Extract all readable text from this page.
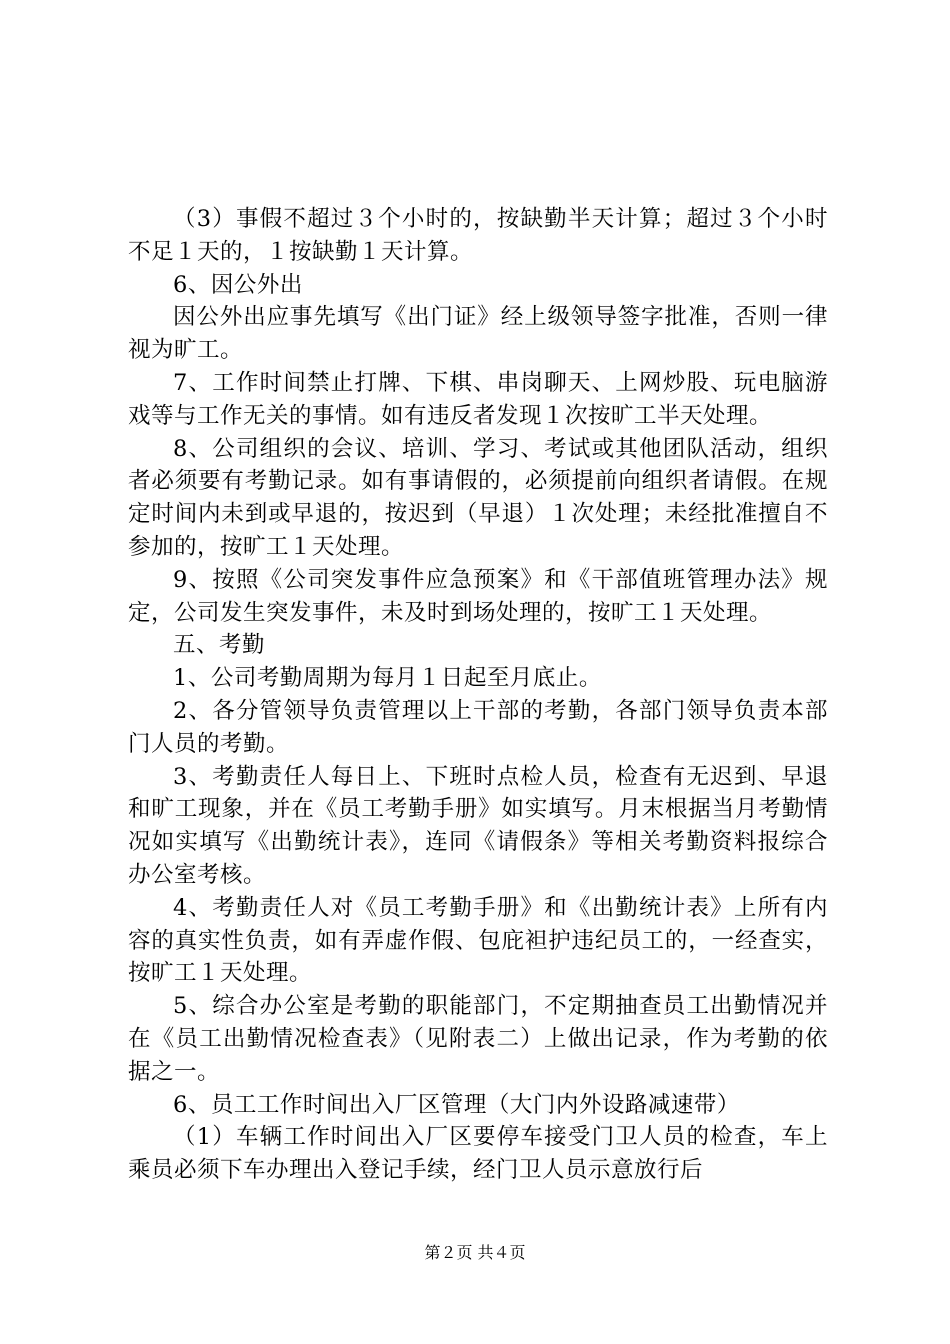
（3）事假不超过３个小时的，按缺勤半天计算；超过３个小时不足１天的，１按缺勤１天计算。

6、因公外出

因公外出应事先填写《出门证》经上级领导签字批准，否则一律视为旷工。

7、工作时间禁止打牌、下棋、串岗聊天、上网炒股、玩电脑游戏等与工作无关的事情。如有违反者发现１次按旷工半天处理。

8、公司组织的会议、培训、学习、考试或其他团队活动，组织者必须要有考勤记录。如有事请假的，必须提前向组织者请假。在规定时间内未到或早退的，按迟到（早退）１次处理；未经批准擅自不参加的，按旷工１天处理。

9、按照《公司突发事件应急预案》和《干部值班管理办法》规定，公司发生突发事件，未及时到场处理的，按旷工１天处理。

五、考勤

1、公司考勤周期为每月１日起至月底止。

2、各分管领导负责管理以上干部的考勤，各部门领导负责本部门人员的考勤。

3、考勤责任人每日上、下班时点检人员，检查有无迟到、早退和旷工现象，并在《员工考勤手册》如实填写。月末根据当月考勤情况如实填写《出勤统计表》，连同《请假条》等相关考勤资料报综合办公室考核。

4、考勤责任人对《员工考勤手册》和《出勤统计表》上所有内容的真实性负责，如有弄虚作假、包庇袒护违纪员工的，一经查实，按旷工１天处理。

5、综合办公室是考勤的职能部门，不定期抽查员工出勤情况并在《员工出勤情况检查表》（见附表二）上做出记录，作为考勤的依据之一。

6、员工工作时间出入厂区管理（大门内外设路减速带）

（1）车辆工作时间出入厂区要停车接受门卫人员的检查，车上乘员必须下车办理出入登记手续，经门卫人员示意放行后

第２页 共４页
